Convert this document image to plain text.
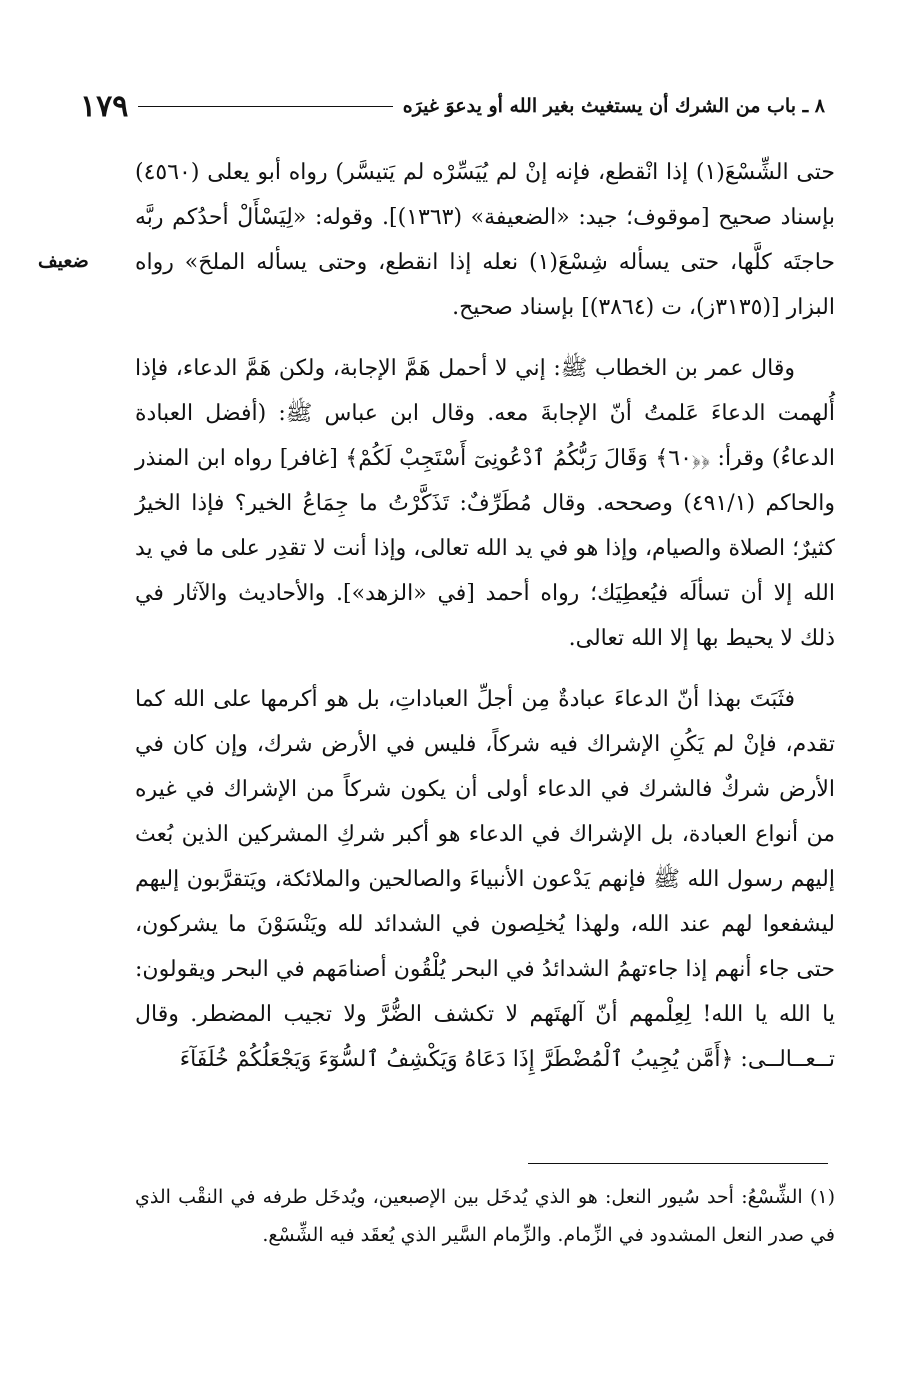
٨ ـ باب من الشرك أن يستغيث بغير الله أو يدعوَ غيرَه
١٧٩
ضعيف

حتى الشِّسْعَ(١) إذا انْقطع، فإنه إنْ لم يُيَسِّرْه لم يَتيسَّر) رواه أبو يعلى (٤٥٦٠) بإسناد صحيح [موقوف؛ جيد: «الضعيفة» (١٣٦٣)]. وقوله: «لِيَسْأَلْ أحدُكم ربَّه حاجتَه كلَّها، حتى يسأله شِسْعَ(١) نعله إذا انقطع، وحتى يسأله الملحَ» رواه البزار [(٣١٣٥ز)، ت (٣٨٦٤)] بإسناد صحيح.

وقال عمر بن الخطاب ﷺ: إني لا أحمل هَمَّ الإجابة، ولكن هَمَّ الدعاء، فإذا أُلهمت الدعاءَ عَلمتُ أنّ الإجابةَ معه. وقال ابن عباس ﷺ: (أفضل العبادة الدعاءُ) وقرأ: ﴿﴿٦٠﴾ وَقَالَ رَبُّكُمُ ٱدْعُونِىٓ أَسْتَجِبْ لَكُمْ﴾ [غافر] رواه ابن المنذر والحاكم (٤٩١/١) وصححه. وقال مُطَرِّفٌ: تَذَكَّرْتُ ما جِمَاعُ الخير؟ فإذا الخيرُ كثيرٌ؛ الصلاة والصيام، وإذا هو في يد الله تعالى، وإذا أنت لا تقدِر على ما في يد الله إلا أن تسألَه فيُعطِيَك؛ رواه أحمد [في «الزهد»]. والأحاديث والآثار في ذلك لا يحيط بها إلا الله تعالى.

فثَبَتَ بهذا أنّ الدعاءَ عبادةٌ مِن أجلِّ العباداتِ، بل هو أكرمها على الله كما تقدم، فإنْ لم يَكُنِ الإشراك فيه شركاً، فليس في الأرض شرك، وإن كان في الأرض شركٌ فالشرك في الدعاء أولى أن يكون شركاً من الإشراك في غيره من أنواع العبادة، بل الإشراك في الدعاء هو أكبر شركِ المشركين الذين بُعث إليهم رسول الله ﷺ فإنهم يَدْعون الأنبياءَ والصالحين والملائكة، ويَتقرَّبون إليهم ليشفعوا لهم عند الله، ولهذا يُخلِصون في الشدائد لله ويَنْسَوْنَ ما يشركون، حتى جاء أنهم إذا جاءتهمُ الشدائدُ في البحر يُلْقُون أصنامَهم في البحر ويقولون: يا الله يا الله! لِعِلْمهم أنّ آلهتَهم لا تكشف الضُّرَّ ولا تجيب المضطر. وقال تــعــالــى: ﴿أَمَّن يُجِيبُ ٱلْمُضْطَرَّ إِذَا دَعَاهُ وَيَكْشِفُ ٱلسُّوٓءَ وَيَجْعَلُكُمْ خُلَفَآءَ

(١) الشِّسْعُ: أحد سُيور النعل: هو الذي يُدخَل بين الإصبعين، ويُدخَل طرفه في النقْب الذي في صدر النعل المشدود في الزِّمام. والزِّمام السَّير الذي يُعقَد فيه الشِّسْع.
